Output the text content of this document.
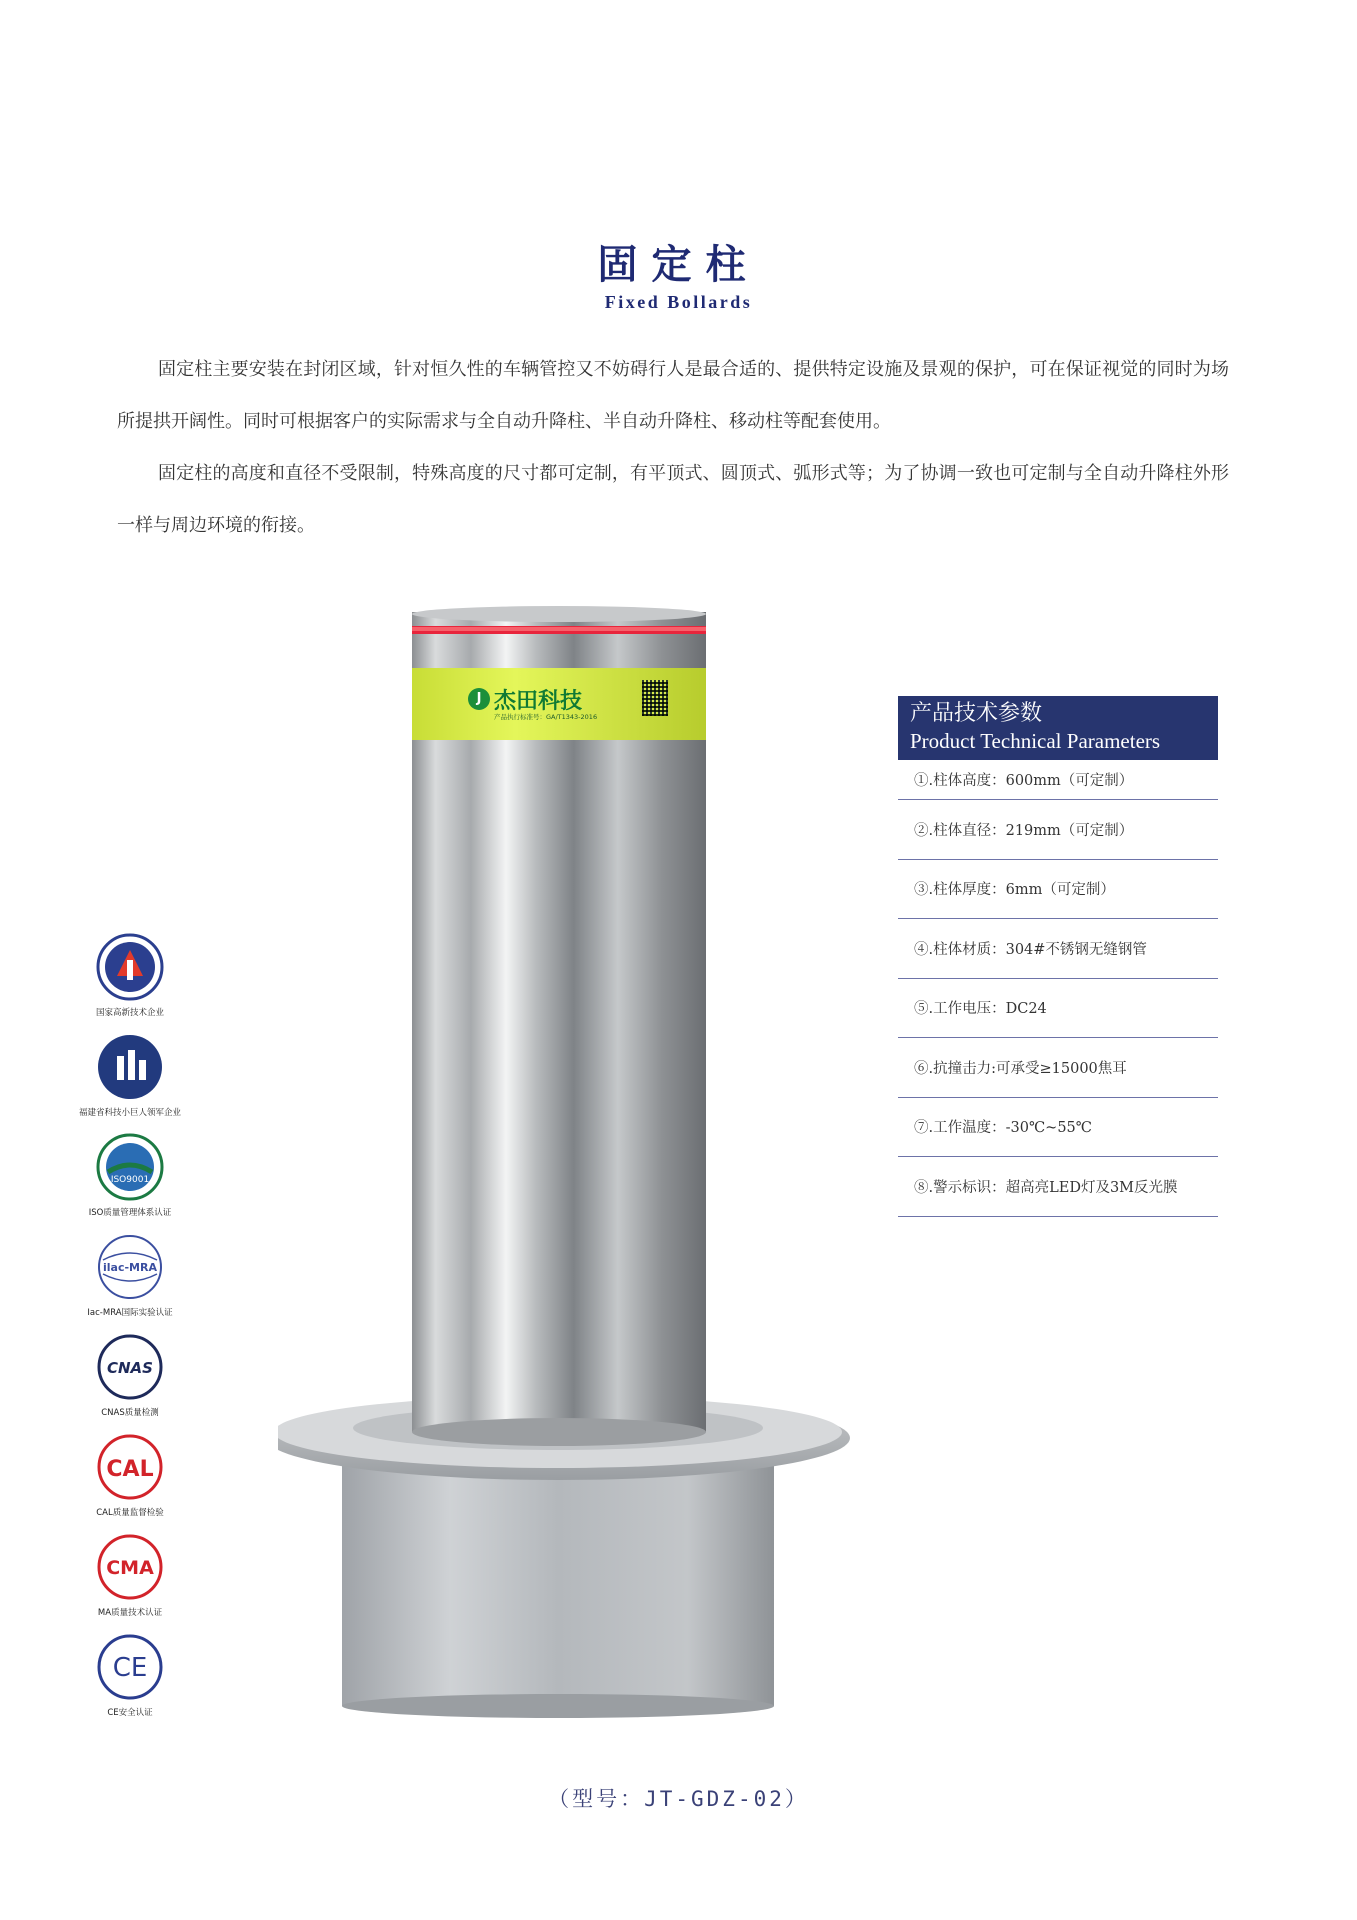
固定柱
Fixed Bollards

固定柱主要安装在封闭区域，针对恒久性的车辆管控又不妨碍行人是最合适的、提供特定设施及景观的保护，可在保证视觉的同时为场所提拱开阔性。同时可根据客户的实际需求与全自动升降柱、半自动升降柱、移动柱等配套使用。

固定柱的高度和直径不受限制，特殊高度的尺寸都可定制，有平顶式、圆顶式、弧形式等；为了协调一致也可定制与全自动升降柱外形一样与周边环境的衔接。

J 杰田科技
产品执行标准号：GA/T1343-2016	产品技术参数
Product Technical Parameters
①.柱体高度：600mm（可定制）
②.柱体直径：219mm（可定制）
③.柱体厚度：6mm（可定制）
④.柱体材质：304#不锈钢无缝钢管
⑤.工作电压：DC24
⑥.抗撞击力:可承受≥15000焦耳
⑦.工作温度：-30℃~55℃
⑧.警示标识：超高亮LED灯及3M反光膜
国家高新技术企业
福建省科技小巨人领军企业
ISO9001
ISO质量管理体系认证
ilac-MRA
Iac-MRA国际实验认证
CNAS
CNAS质量检测
CAL
CAL质量监督检验
CMA
MA质量技术认证
CE
CE安全认证
（型号：JT-GDZ-02）
